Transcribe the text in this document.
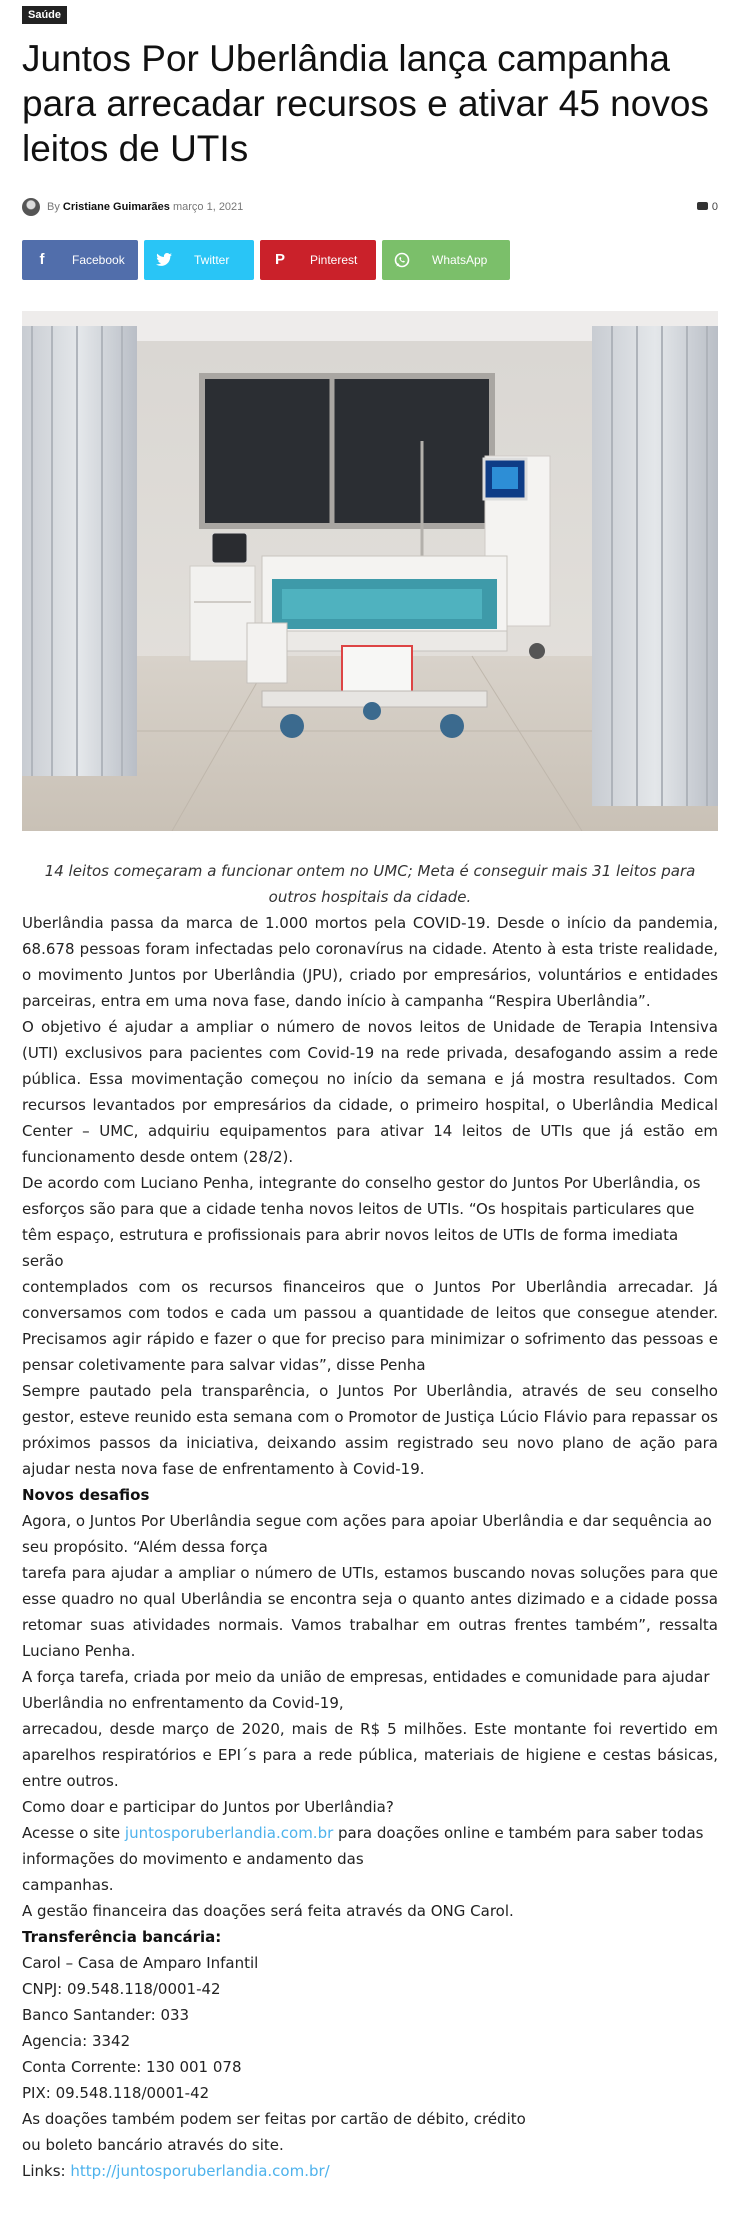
Saúde
Juntos Por Uberlândia lança campanha para arrecadar recursos e ativar 45 novos leitos de UTIs
By Cristiane Guimarães março 1, 2021	0
f	Facebook	Twitter	P	Pinterest	WhatsApp
14 leitos começaram a funcionar ontem no UMC; Meta é conseguir mais 31 leitos para outros hospitais da cidade.

Uberlândia passa da marca de 1.000 mortos pela COVID-19. Desde o início da pandemia, 68.678 pessoas foram infectadas pelo coronavírus na cidade. Atento à esta triste realidade, o movimento Juntos por Uberlândia (JPU), criado por empresários, voluntários e entidades parceiras, entra em uma nova fase, dando início à campanha “Respira Uberlândia”.

O objetivo é ajudar a ampliar o número de novos leitos de Unidade de Terapia Intensiva (UTI) exclusivos para pacientes com Covid-19 na rede privada, desafogando assim a rede pública. Essa movimentação começou no início da semana e já mostra resultados. Com recursos levantados por empresários da cidade, o primeiro hospital, o Uberlândia Medical Center – UMC, adquiriu equipamentos para ativar 14 leitos de UTIs que já estão em funcionamento desde ontem (28/2).

De acordo com Luciano Penha, integrante do conselho gestor do Juntos Por Uberlândia, os esforços são para que a cidade tenha novos leitos de UTIs. “Os hospitais particulares que têm espaço, estrutura e profissionais para abrir novos leitos de UTIs de forma imediata serão

contemplados com os recursos financeiros que o Juntos Por Uberlândia arrecadar. Já conversamos com todos e cada um passou a quantidade de leitos que consegue atender. Precisamos agir rápido e fazer o que for preciso para minimizar o sofrimento das pessoas e pensar coletivamente para salvar vidas”, disse Penha

Sempre pautado pela transparência, o Juntos Por Uberlândia, através de seu conselho gestor, esteve reunido esta semana com o Promotor de Justiça Lúcio Flávio para repassar os próximos passos da iniciativa, deixando assim registrado seu novo plano de ação para ajudar nesta nova fase de enfrentamento à Covid-19.

Novos desafios

Agora, o Juntos Por Uberlândia segue com ações para apoiar Uberlândia e dar sequência ao seu propósito. “Além dessa força

tarefa para ajudar a ampliar o número de UTIs, estamos buscando novas soluções para que esse quadro no qual Uberlândia se encontra seja o quanto antes dizimado e a cidade possa retomar suas atividades normais. Vamos trabalhar em outras frentes também”, ressalta Luciano Penha.

A força tarefa, criada por meio da união de empresas, entidades e comunidade para ajudar Uberlândia no enfrentamento da Covid-19,

arrecadou, desde março de 2020, mais de R$ 5 milhões. Este montante foi revertido em aparelhos respiratórios e EPI´s para a rede pública, materiais de higiene e cestas básicas, entre outros.

Como doar e participar do Juntos por Uberlândia?

Acesse o site juntosporuberlandia.com.br para doações online e também para saber todas informações do movimento e andamento das

campanhas.

A gestão financeira das doações será feita através da ONG Carol.

Transferência bancária:

Carol – Casa de Amparo Infantil

CNPJ: 09.548.118/0001-42

Banco Santander: 033

Agencia: 3342

Conta Corrente: 130 001 078

PIX: 09.548.118/0001-42

As doações também podem ser feitas por cartão de débito, crédito

ou boleto bancário através do site.

Links: http://juntosporuberlandia.com.br/
